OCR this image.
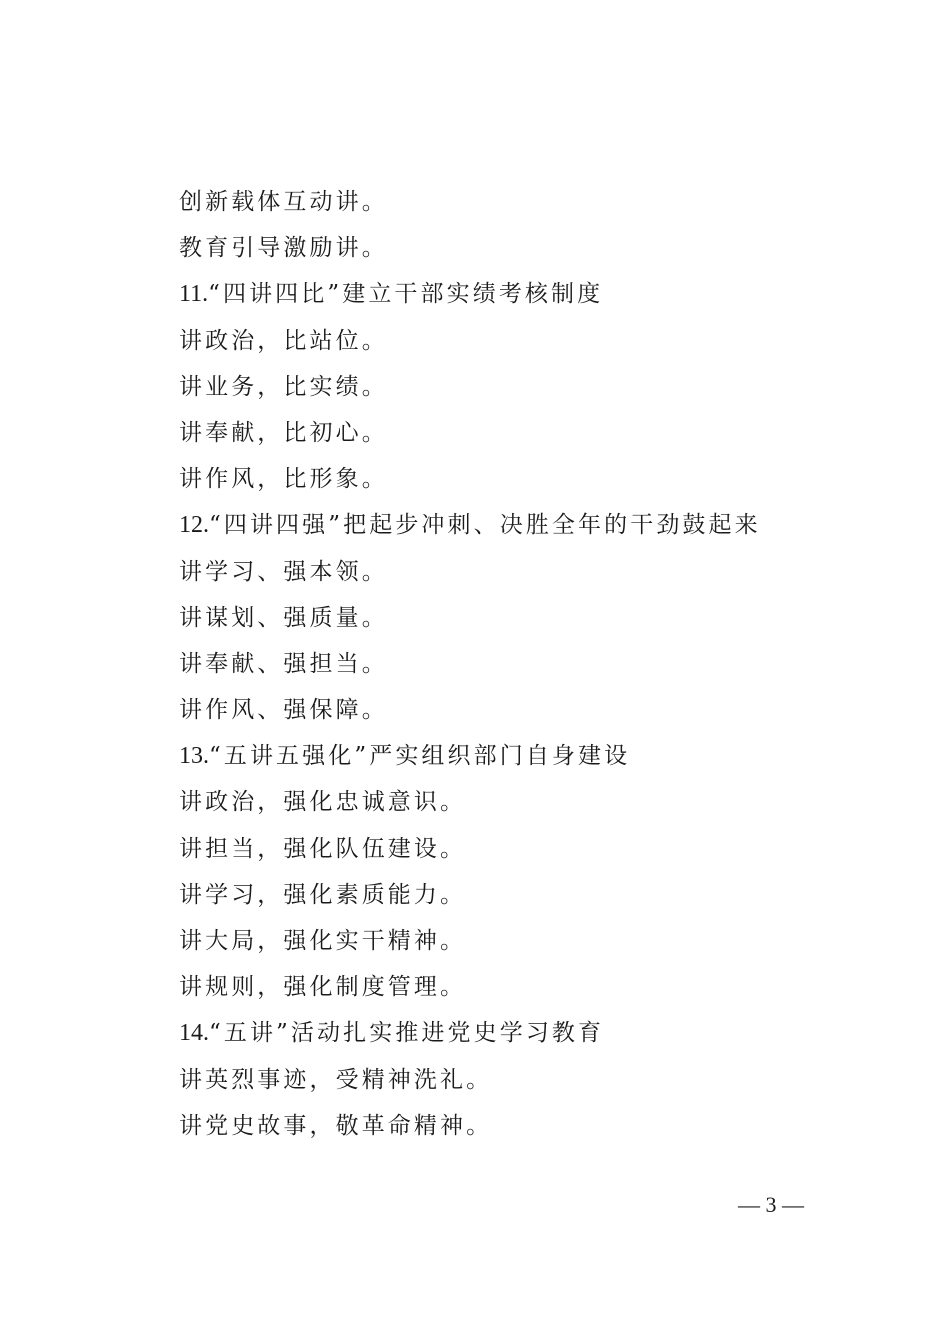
创新载体互动讲。
教育引导激励讲。
11.“四讲四比”建立干部实绩考核制度
讲政治，比站位。
讲业务，比实绩。
讲奉献，比初心。
讲作风，比形象。
12.“四讲四强”把起步冲刺、决胜全年的干劲鼓起来
讲学习、强本领。
讲谋划、强质量。
讲奉献、强担当。
讲作风、强保障。
13.“五讲五强化”严实组织部门自身建设
讲政治，强化忠诚意识。
讲担当，强化队伍建设。
讲学习，强化素质能力。
讲大局，强化实干精神。
讲规则，强化制度管理。
14.“五讲”活动扎实推进党史学习教育
讲英烈事迹，受精神洗礼。
讲党史故事，敬革命精神。
— 3 —
